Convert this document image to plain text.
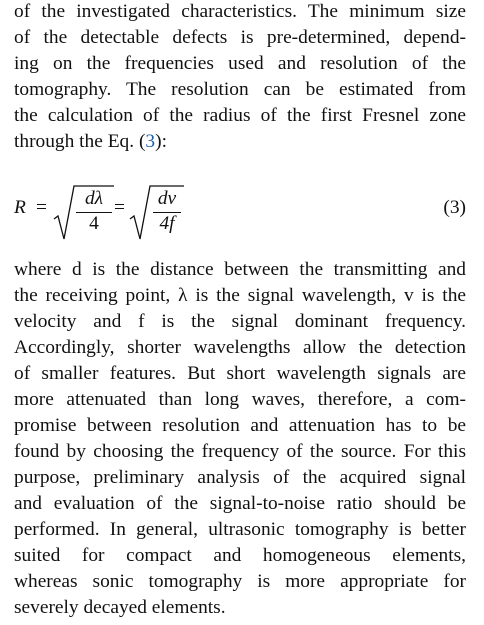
of the investigated characteristics. The minimum size
of the detectable defects is pre-determined, depend-
ing on the frequencies used and resolution of the
tomography. The resolution can be estimated from
the calculation of the radius of the first Fresnel zone
through the Eq. (3):
R =	dλ
4
= dv
4f
(3)
where d is the distance between the transmitting and
the receiving point, λ is the signal wavelength, v is the
velocity and f is the signal dominant frequency.
Accordingly, shorter wavelengths allow the detection
of smaller features. But short wavelength signals are
more attenuated than long waves, therefore, a com-
promise between resolution and attenuation has to be
found by choosing the frequency of the source. For this
purpose, preliminary analysis of the acquired signal
and evaluation of the signal-to-noise ratio should be
performed. In general, ultrasonic tomography is better
suited for compact and homogeneous elements,
whereas sonic tomography is more appropriate for
severely decayed elements.
